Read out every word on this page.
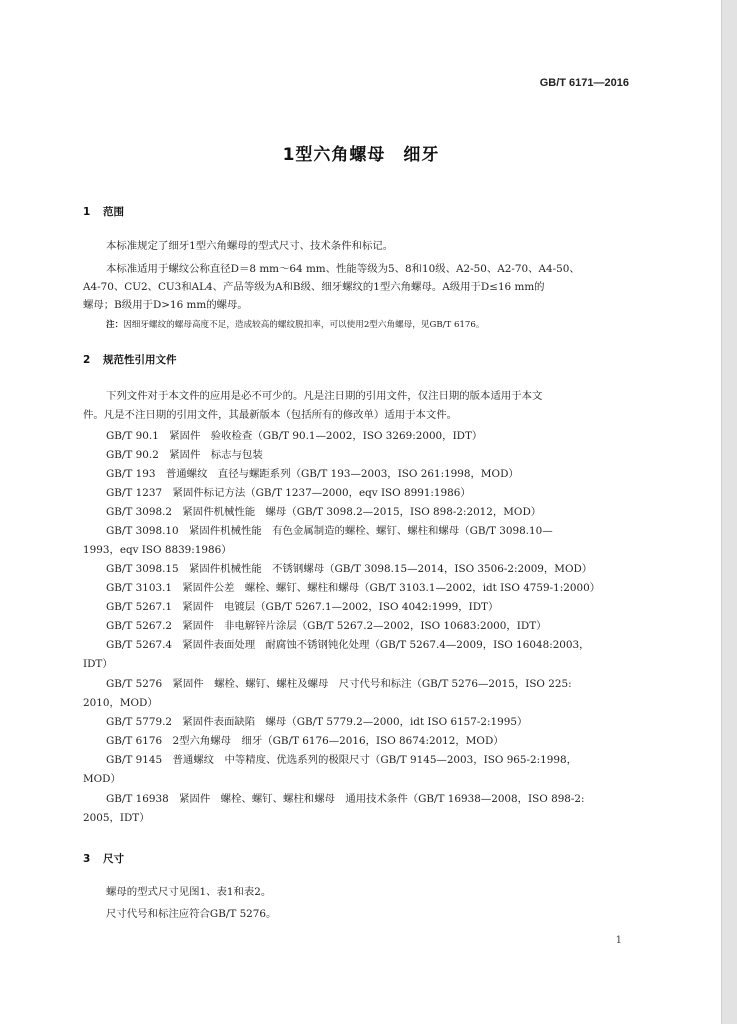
GB/T 6171—2016
1型六角螺母　细牙
1 范围
本标准规定了细牙1型六角螺母的型式尺寸、技术条件和标记。
本标准适用于螺纹公称直径D＝8 mm～64 mm、性能等级为5、8和10级、A2-50、A2-70、A4-50、
A4-70、CU2、CU3和AL4、产品等级为A和B级、细牙螺纹的1型六角螺母。A级用于D≤16 mm的
螺母；B级用于D>16 mm的螺母。
注：因细牙螺纹的螺母高度不足，造成较高的螺纹脱扣率，可以使用2型六角螺母，见GB/T 6176。
2 规范性引用文件
下列文件对于本文件的应用是必不可少的。凡是注日期的引用文件，仅注日期的版本适用于本文
件。凡是不注日期的引用文件，其最新版本（包括所有的修改单）适用于本文件。
GB/T 90.1　紧固件　验收检查（GB/T 90.1—2002，ISO 3269:2000，IDT）
GB/T 90.2　紧固件　标志与包装
GB/T 193　普通螺纹　直径与螺距系列（GB/T 193—2003，ISO 261:1998，MOD）
GB/T 1237　紧固件标记方法（GB/T 1237—2000，eqv ISO 8991:1986）
GB/T 3098.2　紧固件机械性能　螺母（GB/T 3098.2—2015，ISO 898-2:2012，MOD）
GB/T 3098.10　紧固件机械性能　有色金属制造的螺栓、螺钉、螺柱和螺母（GB/T 3098.10—
1993，eqv ISO 8839:1986）
GB/T 3098.15　紧固件机械性能　不锈钢螺母（GB/T 3098.15—2014，ISO 3506-2:2009，MOD）
GB/T 3103.1　紧固件公差　螺栓、螺钉、螺柱和螺母（GB/T 3103.1—2002，idt ISO 4759-1:2000）
GB/T 5267.1　紧固件　电镀层（GB/T 5267.1—2002，ISO 4042:1999，IDT）
GB/T 5267.2　紧固件　非电解锌片涂层（GB/T 5267.2—2002，ISO 10683:2000，IDT）
GB/T 5267.4　紧固件表面处理　耐腐蚀不锈钢钝化处理（GB/T 5267.4—2009，ISO 16048:2003，
IDT）
GB/T 5276　紧固件　螺栓、螺钉、螺柱及螺母　尺寸代号和标注（GB/T 5276—2015，ISO 225:
2010，MOD）
GB/T 5779.2　紧固件表面缺陷　螺母（GB/T 5779.2—2000，idt ISO 6157-2:1995）
GB/T 6176　2型六角螺母　细牙（GB/T 6176—2016，ISO 8674:2012，MOD）
GB/T 9145　普通螺纹　中等精度、优选系列的极限尺寸（GB/T 9145—2003，ISO 965-2:1998，
MOD）
GB/T 16938　紧固件　螺栓、螺钉、螺柱和螺母　通用技术条件（GB/T 16938—2008，ISO 898-2:
2005，IDT）
3 尺寸
螺母的型式尺寸见图1、表1和表2。
尺寸代号和标注应符合GB/T 5276。
1
